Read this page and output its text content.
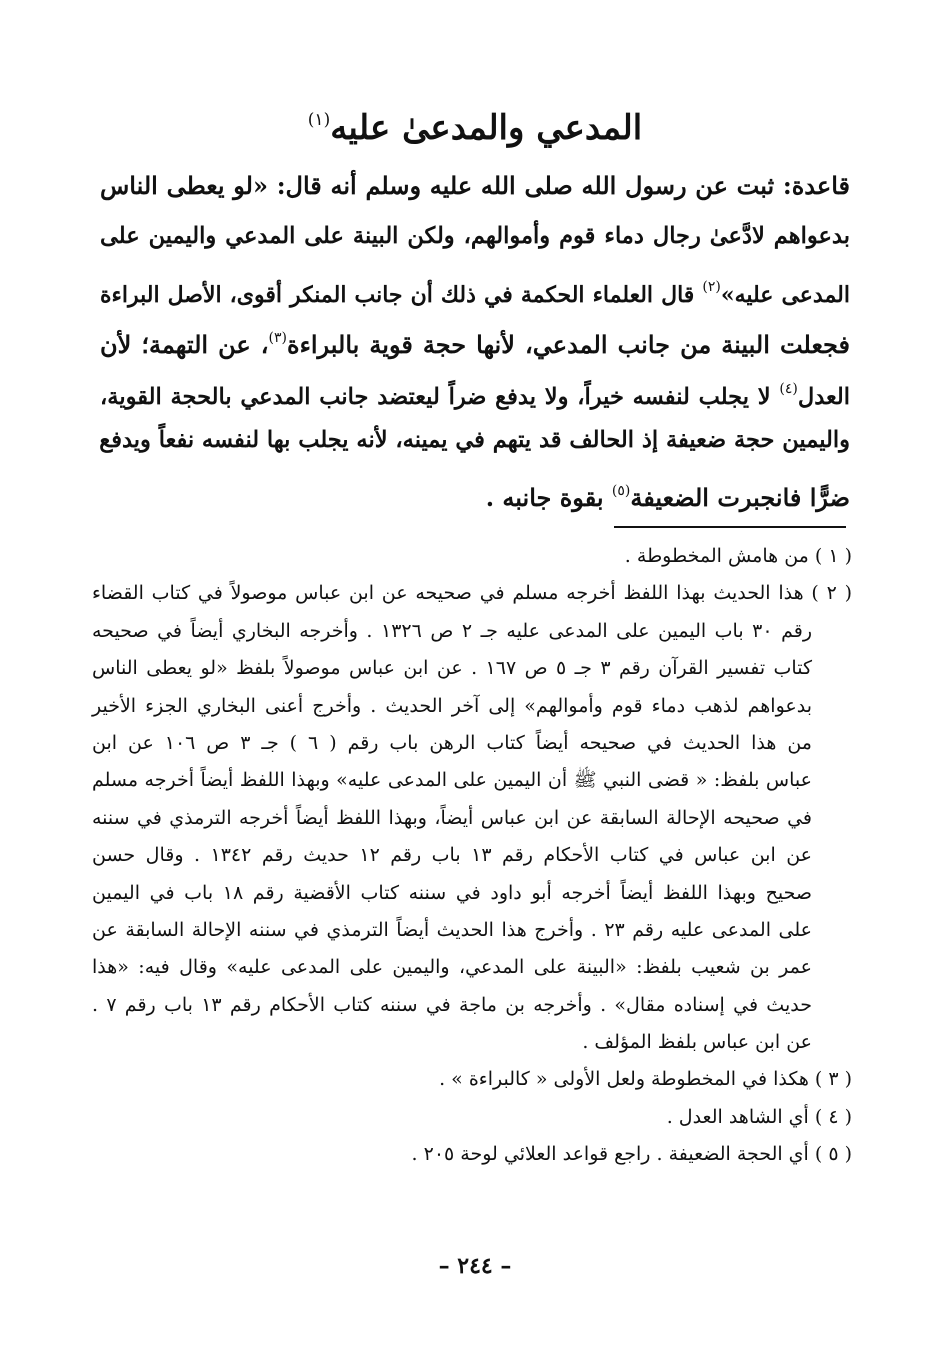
المدعي والمدعىٰ عليه$^{(١)}$
قاعدة: ثبت عن رسول الله صلى الله عليه وسلم أنه قال: «لو يعطى الناس
بدعواهم لادَّعىٰ رجال دماء قوم وأموالهم، ولكن البينة على المدعي واليمين على
المدعى عليه»$^{(٢)}$ قال العلماء الحكمة في ذلك أن جانب المنكر أقوى، الأصل البراءة
فجعلت البينة من جانب المدعي، لأنها حجة قوية بالبراءة$^{(٣)}$، عن التهمة؛ لأن
العدل$^{(٤)}$ لا يجلب لنفسه خيراً، ولا يدفع ضراً ليعتضد جانب المدعي بالحجة القوية،
واليمين حجة ضعيفة إذ الحالف قد يتهم في يمينه، لأنه يجلب بها لنفسه نفعاً ويدفع
ضرًّا فانجبرت الضعيفة$^{(٥)}$ بقوة جانبه .
( ١ ) من هامش المخطوطة .
( ٢ ) هذا الحديث بهذا اللفظ أخرجه مسلم في صحيحه عن ابن عباس موصولاً في كتاب القضاء
رقم ٣٠ باب اليمين على المدعى عليه جـ ٢ ص ١٣٢٦ . وأخرجه البخاري أيضاً في صحيحه
كتاب تفسير القرآن رقم ٣ جـ ٥ ص ١٦٧ . عن ابن عباس موصولاً بلفظ «لو يعطى الناس
بدعواهم لذهب دماء قوم وأموالهم» إلى آخر الحديث . وأخرج أعنى البخاري الجزء الأخير
من هذا الحديث في صحيحه أيضاً كتاب الرهن باب رقم ( ٦ ) جـ ٣ ص ١٠٦ عن ابن
عباس بلفظ: « قضى النبي ﷺ أن اليمين على المدعى عليه» وبهذا اللفظ أيضاً أخرجه مسلم
في صحيحه الإحالة السابقة عن ابن عباس أيضاً، وبهذا اللفظ أيضاً أخرجه الترمذي في سننه
عن ابن عباس في كتاب الأحكام رقم ١٣ باب رقم ١٢ حديث رقم ١٣٤٢ . وقال حسن
صحيح وبهذا اللفظ أيضاً أخرجه أبو داود في سننه كتاب الأقضية رقم ١٨ باب في اليمين
على المدعى عليه رقم ٢٣ . وأخرج هذا الحديث أيضاً الترمذي في سننه الإحالة السابقة عن
عمر بن شعيب بلفظ: «البينة على المدعي، واليمين على المدعى عليه» وقال فيه: «هذا
حديث في إسناده مقال» . وأخرجه بن ماجة في سننه كتاب الأحكام رقم ١٣ باب رقم ٧ .
عن ابن عباس بلفظ المؤلف .
( ٣ ) هكذا في المخطوطة ولعل الأولى « كالبراءة » .
( ٤ ) أي الشاهد العدل .
( ٥ ) أي الحجة الضعيفة . راجع قواعد العلائي لوحة ٢٠٥ .
– ٢٤٤ –
